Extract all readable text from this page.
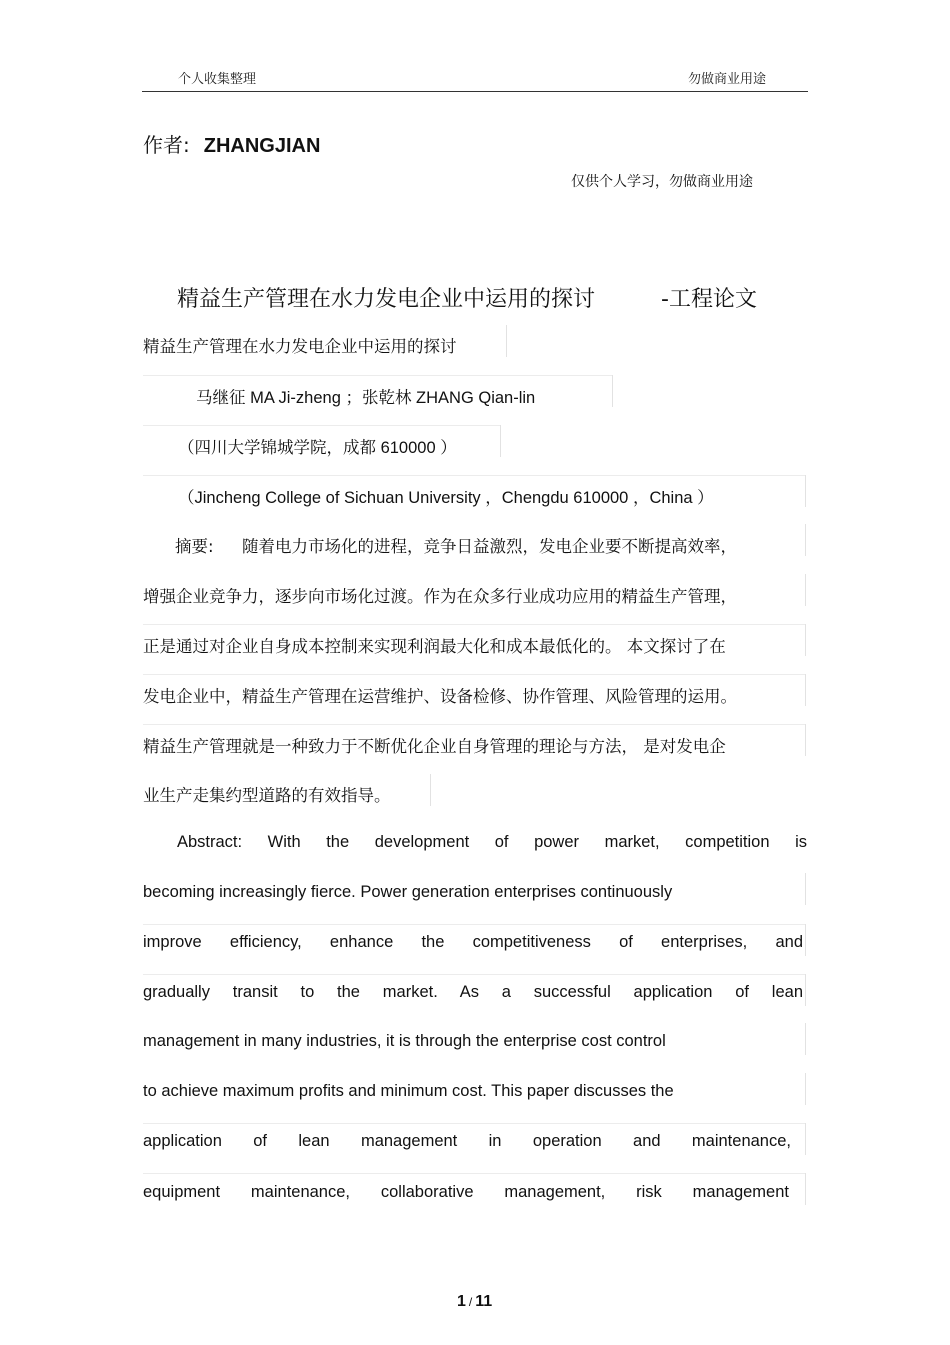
个人收集整理	勿做商业用途
作者: ZHANGJIAN
仅供个人学习，勿做商业用途
精益生产管理在水力发电企业中运用的探讨	-工程论文
精益生产管理在水力发电企业中运用的探讨
马继征 MA Ji-zheng ；张乾林 ZHANG Qian-lin
（四川大学锦城学院，成都 610000 ）
（Jincheng College of Sichuan University ，Chengdu 610000 ，China ）
摘要: 随着电力市场化的进程，竞争日益激烈，发电企业要不断提高效率，
增强企业竞争力，逐步向市场化过渡。作为在众多行业成功应用的精益生产管理，
正是通过对企业自身成本控制来实现利润最大化和成本最低化的。 本文探讨了在
发电企业中，精益生产管理在运营维护、设备检修、协作管理、风险管理的运用。
精益生产管理就是一种致力于不断优化企业自身管理的理论与方法， 是对发电企
业生产走集约型道路的有效指导。
Abstract: With the development of power market, competition is
becoming increasingly fierce. Power generation enterprises continuously
improve efficiency, enhance the competitiveness of enterprises, and
gradually transit to the market. As a successful application of lean
management in many industries, it is through the enterprise cost control
to achieve maximum profits and minimum cost. This paper discusses the
application of lean management in operation and maintenance,
equipment maintenance, collaborative management, risk management
1 / 11
